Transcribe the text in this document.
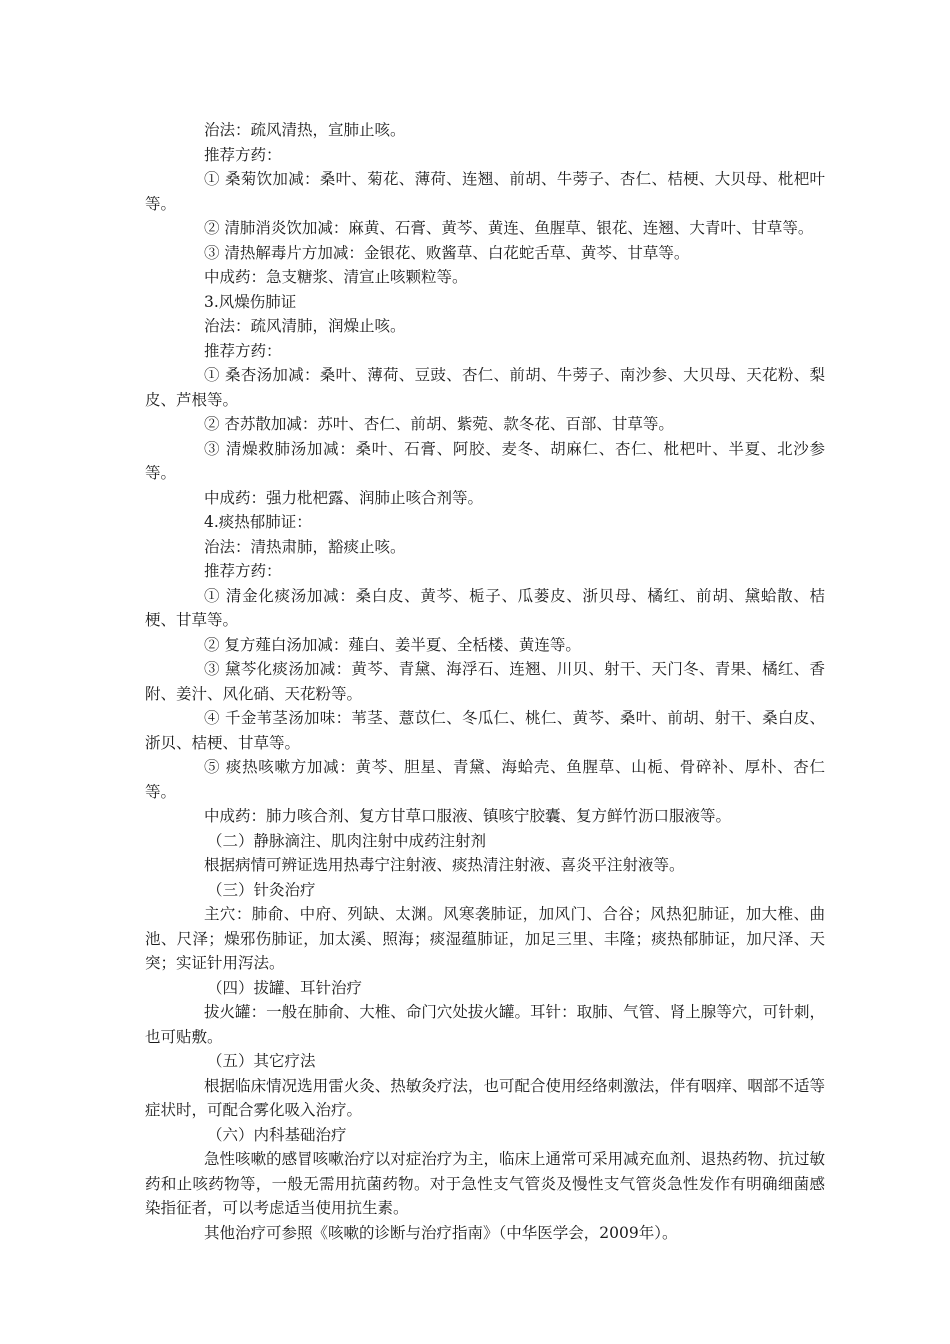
治法：疏风清热，宣肺止咳。

推荐方药：

① 桑菊饮加减：桑叶、菊花、薄荷、连翘、前胡、牛蒡子、杏仁、桔梗、大贝母、枇杷叶等。

② 清肺消炎饮加减：麻黄、石膏、黄芩、黄连、鱼腥草、银花、连翘、大青叶、甘草等。

③ 清热解毒片方加减：金银花、败酱草、白花蛇舌草、黄芩、甘草等。

中成药：急支糖浆、清宣止咳颗粒等。

3.风燥伤肺证

治法：疏风清肺，润燥止咳。

推荐方药：

① 桑杏汤加减：桑叶、薄荷、豆豉、杏仁、前胡、牛蒡子、南沙参、大贝母、天花粉、梨皮、芦根等。

② 杏苏散加减：苏叶、杏仁、前胡、紫菀、款冬花、百部、甘草等。

③ 清燥救肺汤加减：桑叶、石膏、阿胶、麦冬、胡麻仁、杏仁、枇杷叶、半夏、北沙参等。

中成药：强力枇杷露、润肺止咳合剂等。

4.痰热郁肺证：

治法：清热肃肺，豁痰止咳。

推荐方药：

① 清金化痰汤加减：桑白皮、黄芩、栀子、瓜蒌皮、浙贝母、橘红、前胡、黛蛤散、桔梗、甘草等。

② 复方薤白汤加减：薤白、姜半夏、全栝楼、黄连等。

③ 黛芩化痰汤加减：黄芩、青黛、海浮石、连翘、川贝、射干、天门冬、青果、橘红、香附、姜汁、风化硝、天花粉等。

④ 千金苇茎汤加味：苇茎、薏苡仁、冬瓜仁、桃仁、黄芩、桑叶、前胡、射干、桑白皮、浙贝、桔梗、甘草等。

⑤ 痰热咳嗽方加减：黄芩、胆星、青黛、海蛤壳、鱼腥草、山栀、骨碎补、厚朴、杏仁等。

中成药：肺力咳合剂、复方甘草口服液、镇咳宁胶囊、复方鲜竹沥口服液等。

（二）静脉滴注、肌肉注射中成药注射剂

根据病情可辨证选用热毒宁注射液、痰热清注射液、喜炎平注射液等。

（三）针灸治疗

主穴：肺俞、中府、列缺、太渊。风寒袭肺证，加风门、合谷；风热犯肺证，加大椎、曲池、尺泽；燥邪伤肺证，加太溪、照海；痰湿蕴肺证，加足三里、丰隆；痰热郁肺证，加尺泽、天突；实证针用泻法。

（四）拔罐、耳针治疗

拔火罐：一般在肺俞、大椎、命门穴处拔火罐。耳针：取肺、气管、肾上腺等穴，可针刺，也可贴敷。

（五）其它疗法

根据临床情况选用雷火灸、热敏灸疗法，也可配合使用经络刺激法，伴有咽痒、咽部不适等症状时，可配合雾化吸入治疗。

（六）内科基础治疗

急性咳嗽的感冒咳嗽治疗以对症治疗为主，临床上通常可采用减充血剂、退热药物、抗过敏药和止咳药物等，一般无需用抗菌药物。对于急性支气管炎及慢性支气管炎急性发作有明确细菌感染指征者，可以考虑适当使用抗生素。

其他治疗可参照《咳嗽的诊断与治疗指南》（中华医学会，2009年）。
